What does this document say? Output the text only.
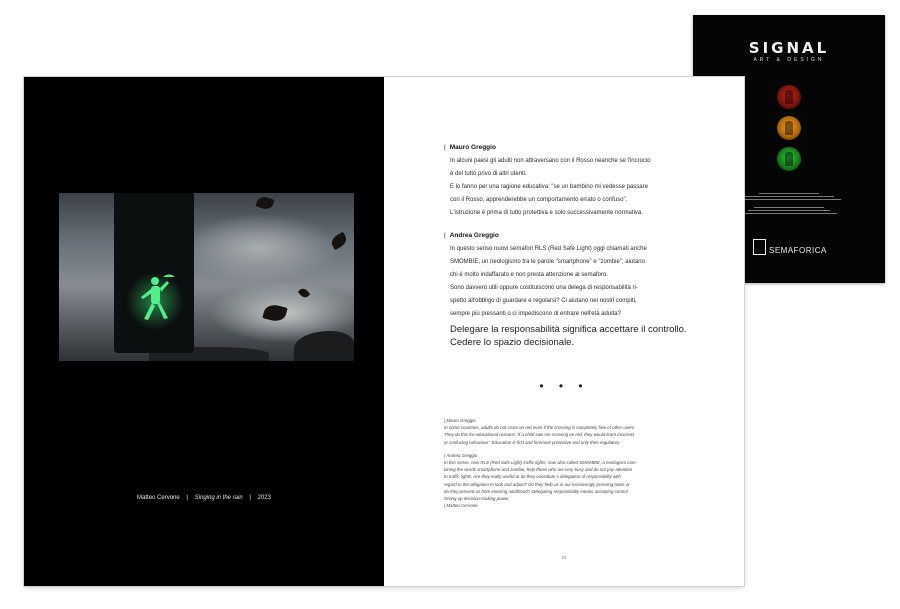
SIGNAL
ART & DESIGN
SEMAFORICA
Matteo Cervone | Singing in the rain | 2023
| Mauro Greggio
In alcuni paesi gli adulti non attraversano con il Rosso neanche se l'incrocio
è del tutto privo di altri utenti.
E lo fanno per una ragione educativa: "se un bambino mi vedesse passare
con il Rosso, apprenderebbe un comportamento errato o confuso".
L'istruzione è prima di tutto protettiva e solo successivamente normativa.
| Andrea Greggio
In questo senso nuovi semafori RLS (Red Safe Light) oggi chiamati anche
SMOMBIE, un neologismo tra le parole "smartphone" e "zombie", aiutano
chi è molto indaffarato e non presta attenzione al semaforo.
Sono davvero utili oppure costituiscono una delega di responsabilità ri-
spetto all'obbligo di guardare e regolarsi? Ci aiutano nei nostri compiti,
sempre più pressanti o ci impediscono di entrare nell'età adulta?
Delegare la responsabilità significa accettare il controllo.
Cedere lo spazio decisionale.
• • •
| Mauro Greggio
In some countries, adults do not cross on red even if the crossing is completely free of other users
They do this for educational reasons: 'if a child saw me crossing on red, they would learn incorrect
or confusing behaviour'. Education is first and foremost protective and only then regulatory.
| Andrea Greggio
In this sense, new RLS (Red Safe Light) traffic lights, now also called SMOMBIE, a neologism com-
bining the words smartphone and zombie, help those who are very busy and do not pay attention
to traffic lights. Are they really useful or do they constitute a delegation of responsibility with
regard to the obligation to look and adjust? Do they help us in our increasingly pressing tasks or
do they prevent us from entering adulthood? Delegating responsibility means accepting control
Giving up decision-making power.
| Matteo Cervone
15
